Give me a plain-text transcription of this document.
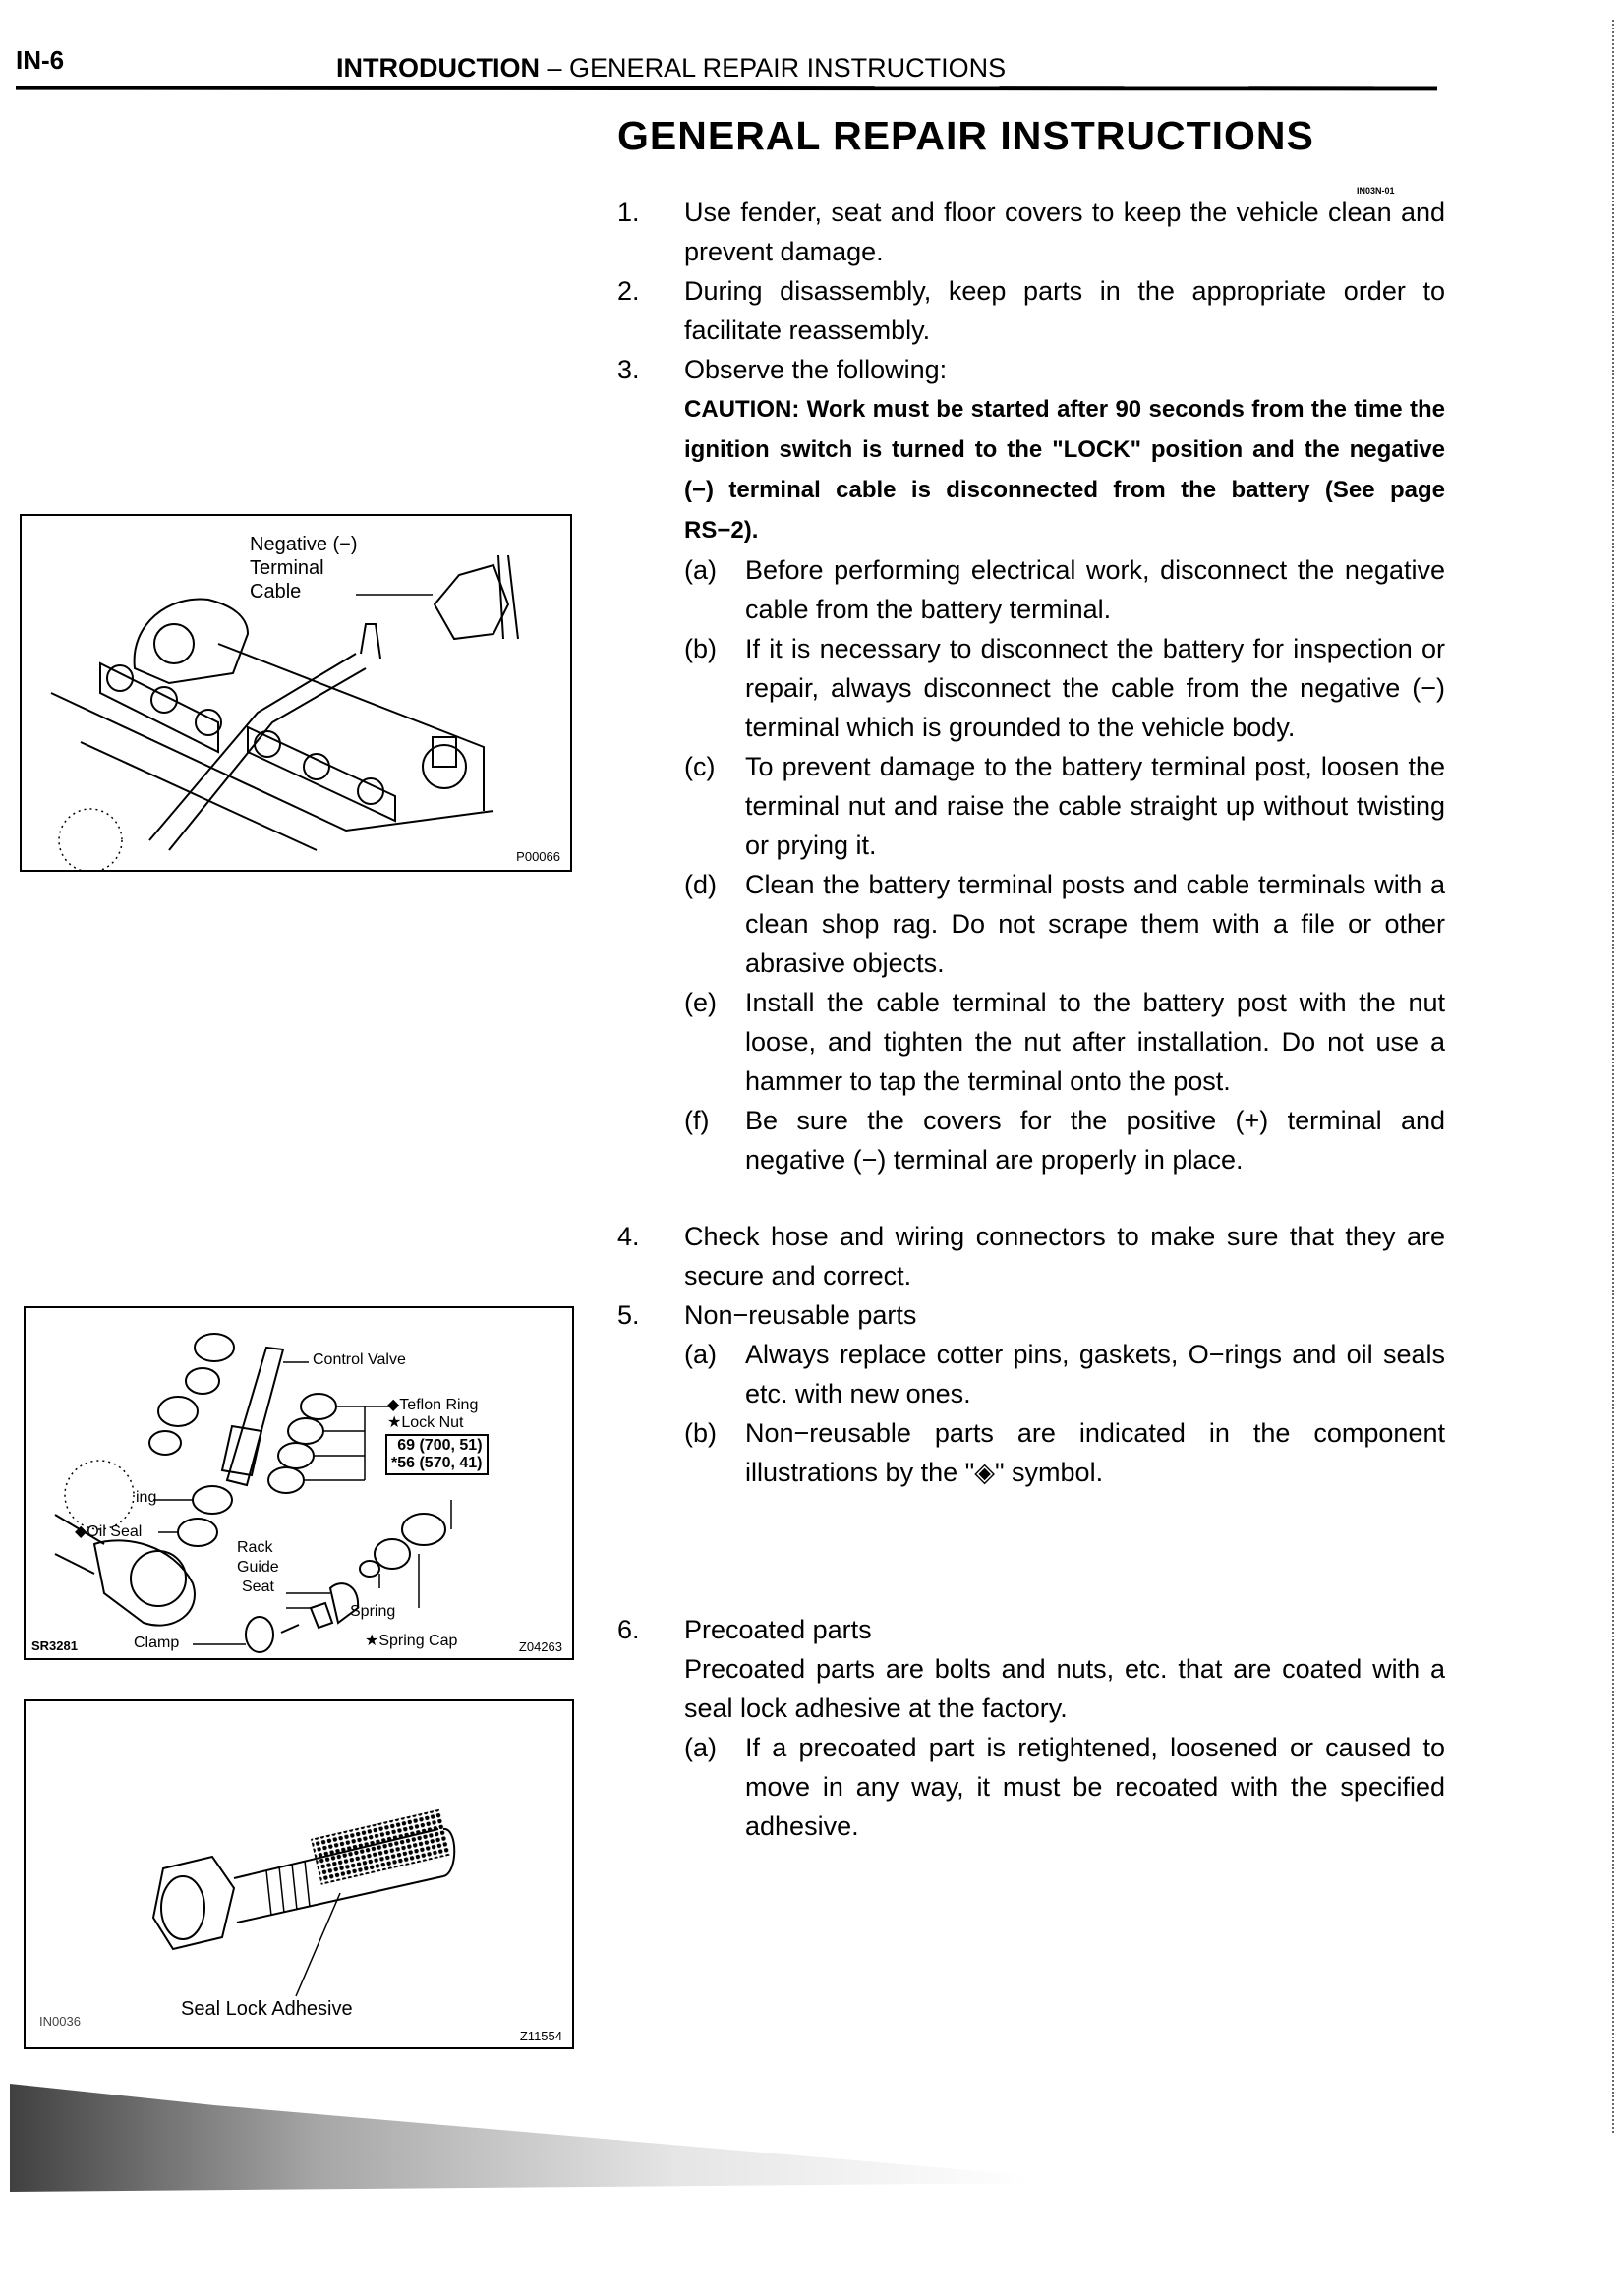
IN-6	INTRODUCTION – GENERAL REPAIR INSTRUCTIONS
GENERAL REPAIR INSTRUCTIONS
IN03N-01
1.	Use fender, seat and floor covers to keep the vehicle clean and prevent damage.
2.	During disassembly, keep parts in the appropriate order to facilitate reassembly.
3.	Observe the following:
CAUTION: Work must be started after 90 seconds from the time the ignition switch is turned to the "LOCK" position and the negative (−) terminal cable is disconnected from the battery (See page RS−2).
(a)	Before performing electrical work, disconnect the negative cable from the battery terminal.
(b)	If it is necessary to disconnect the battery for inspection or repair, always disconnect the cable from the negative (−) terminal which is grounded to the vehicle body.
(c)	To prevent damage to the battery terminal post, loosen the terminal nut and raise the cable straight up without twisting or prying it.
(d)	Clean the battery terminal posts and cable terminals with a clean shop rag. Do not scrape them with a file or other abrasive objects.
(e)	Install the cable terminal to the battery post with the nut loose, and tighten the nut after installation. Do not use a hammer to tap the terminal onto the post.
(f)	Be sure the covers for the positive (+) terminal and negative (−) terminal are properly in place.
4.	Check hose and wiring connectors to make sure that they are secure and correct.
5.	Non−reusable parts
(a)	Always replace cotter pins, gaskets, O−rings and oil seals etc. with new ones.
(b)	Non−reusable parts are indicated in the component illustrations by the "◈" symbol.
6.	Precoated parts
Precoated parts are bolts and nuts, etc. that are coated with a seal lock adhesive at the factory.
(a)	If a precoated part is retightened, loosened or caused to move in any way, it must be recoated with the specified adhesive.
Negative (−)
Terminal
Cable
P00066
Control Valve
◆Teflon Ring
★Lock Nut
69 (700, 51)
*56 (570, 41)
ing
◆Oil Seal
Rack
Guide
Seat
Spring
★Spring Cap
Clamp
SR3281	Z04263
Seal Lock Adhesive
IN0036
Z11554
